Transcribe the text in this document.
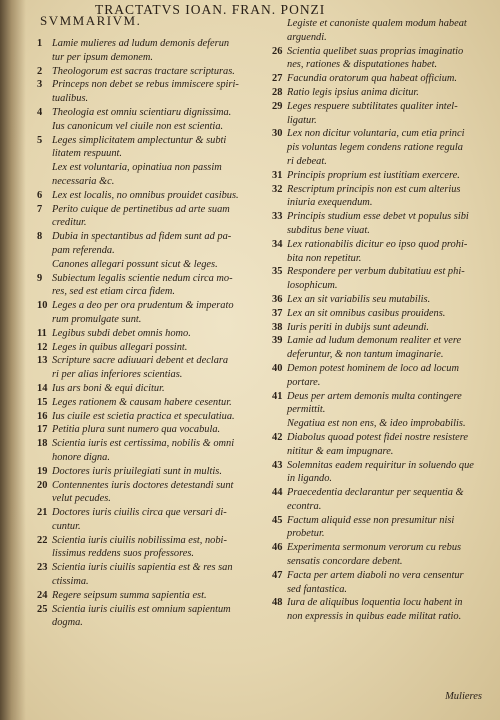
TRACTATVS IOAN. FRAN. PONZI
SVMMARIVM.
1 Lamie mulieres ad ludum demonis deferun
tur per ipsum demonem.
2 Theologorum est sacras tractare scripturas.
3 Princeps non debet se rebus immiscere spiri-
tualibus.
4 Theologia est omniu scientiaru dignissima.
Ius canonicum vel ciuile non est scientia.
5 Leges simplicitatem amplectuntur & subti
litatem respuunt.
Lex est voluntaria, opinatiua non passim
necessaria &c.
6 Lex est localis, no omnibus prouidet casibus.
7 Perito cuique de pertinetibus ad arte suam
creditur.
8 Dubia in spectantibus ad fidem sunt ad pa-
pam referenda.
Canones allegari possunt sicut & leges.
9 Subiectum legalis scientie nedum circa mo-
res, sed est etiam circa fidem.
10 Leges a deo per ora prudentum & imperato
rum promulgate sunt.
11 Legibus subdi debet omnis homo.
12 Leges in quibus allegari possint.
13 Scripture sacre adiuuari debent et declara
ri per alias inferiores scientias.
14 Ius ars boni & equi dicitur.
15 Leges rationem & causam habere cesentur.
16 Ius ciuile est scietia practica et speculatiua.
17 Petitia plura sunt numero qua vocabula.
18 Scientia iuris est certissima, nobilis & omni
honore digna.
19 Doctores iuris priuilegiati sunt in multis.
20 Contennentes iuris doctores detestandi sunt
velut pecudes.
21 Doctores iuris ciuilis circa que versari di-
cuntur.
22 Scientia iuris ciuilis nobilissima est, nobi-
lissimus reddens suos professores.
23 Scientia iuris ciuilis sapientia est & res san
ctissima.
24 Regere seipsum summa sapientia est.
25 Scientia iuris ciuilis est omnium sapientum
dogma.
Legiste et canoniste qualem modum habeat
arguendi.
26 Scientia quelibet suas proprias imaginatio
nes, rationes & disputationes habet.
27 Facundia oratorum qua habeat officium.
28 Ratio legis ipsius anima dicitur.
29 Leges respuere subtilitates qualiter intel-
ligatur.
30 Lex non dicitur voluntaria, cum etia princi
pis voluntas legem condens ratione regula
ri debeat.
31 Principis proprium est iustitiam exercere.
32 Rescriptum principis non est cum alterius
iniuria exequendum.
33 Principis studium esse debet vt populus sibi
subditus bene viuat.
34 Lex rationabilis dicitur eo ipso quod prohi-
bita non repetitur.
35 Respondere per verbum dubitatiuu est phi-
losophicum.
36 Lex an sit variabilis seu mutabilis.
37 Lex an sit omnibus casibus prouidens.
38 Iuris periti in dubijs sunt adeundi.
39 Lamie ad ludum demonum realiter et vere
deferuntur, & non tantum imaginarie.
40 Demon potest hominem de loco ad locum
portare.
41 Deus per artem demonis multa contingere
permittit.
Negatiua est non ens, & ideo improbabilis.
42 Diabolus quoad potest fidei nostre resistere
nititur & eam impugnare.
43 Solemnitas eadem requiritur in soluendo que
in ligando.
44 Praecedentia declarantur per sequentia &
econtra.
45 Factum aliquid esse non presumitur nisi
probetur.
46 Experimenta sermonum verorum cu rebus
sensatis concordare debent.
47 Facta per artem diaboli no vera censentur
sed fantastica.
48 Iura de aliquibus loquentia locu habent in
non expressis in quibus eade militat ratio.
Mulieres
